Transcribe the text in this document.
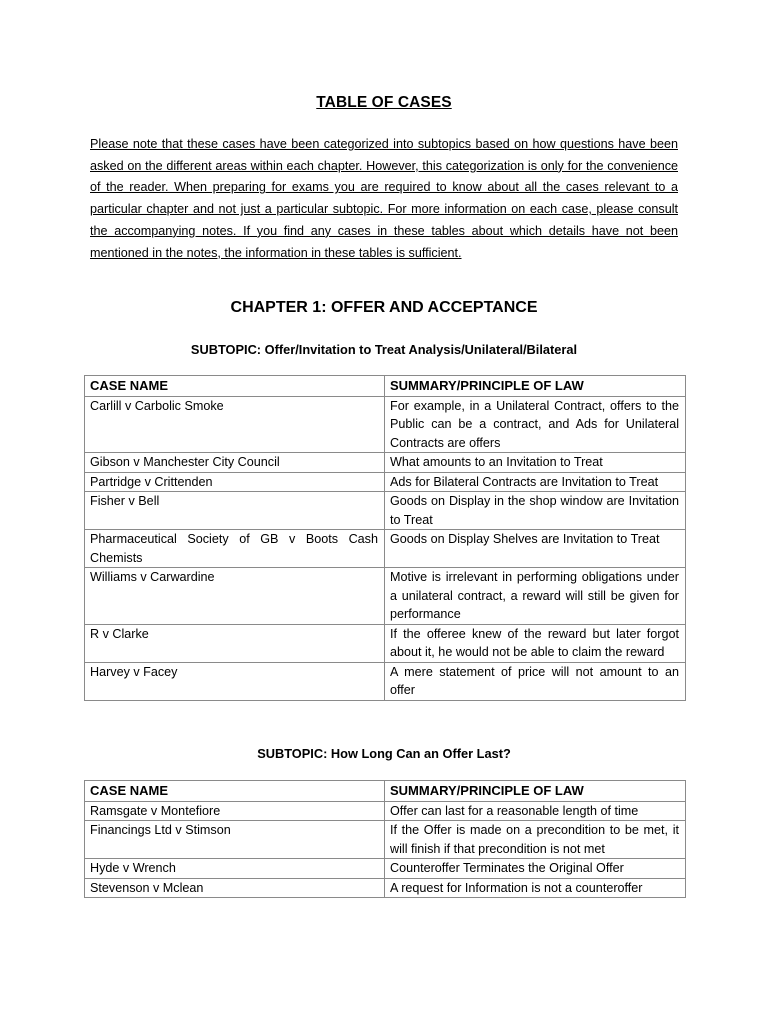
TABLE OF CASES

Please note that these cases have been categorized into subtopics based on how questions have been asked on the different areas within each chapter. However, this categorization is only for the convenience of the reader. When preparing for exams you are required to know about all the cases relevant to a particular chapter and not just a particular subtopic. For more information on each case, please consult the accompanying notes. If you find any cases in these tables about which details have not been mentioned in the notes, the information in these tables is sufficient.

CHAPTER 1: OFFER AND ACCEPTANCE
SUBTOPIC: Offer/Invitation to Treat Analysis/Unilateral/Bilateral
CASE NAME	SUMMARY/PRINCIPLE OF LAW
Carlill v Carbolic Smoke	For example, in a Unilateral Contract, offers to the Public can be a contract, and Ads for Unilateral Contracts are offers
Gibson v Manchester City Council	What amounts to an Invitation to Treat
Partridge v Crittenden	Ads for Bilateral Contracts are Invitation to Treat
Fisher v Bell	Goods on Display in the shop window are Invitation to Treat
Pharmaceutical Society of GB v Boots Cash Chemists	Goods on Display Shelves are Invitation to Treat
Williams v Carwardine	Motive is irrelevant in performing obligations under a unilateral contract, a reward will still be given for performance
R v Clarke	If the offeree knew of the reward but later forgot about it, he would not be able to claim the reward
Harvey v Facey	A mere statement of price will not amount to an offer
SUBTOPIC: How Long Can an Offer Last?
CASE NAME	SUMMARY/PRINCIPLE OF LAW
Ramsgate v Montefiore	Offer can last for a reasonable length of time
Financings Ltd v Stimson	If the Offer is made on a precondition to be met, it will finish if that precondition is not met
Hyde v Wrench	Counteroffer Terminates the Original Offer
Stevenson v Mclean	A request for Information is not a counteroffer
